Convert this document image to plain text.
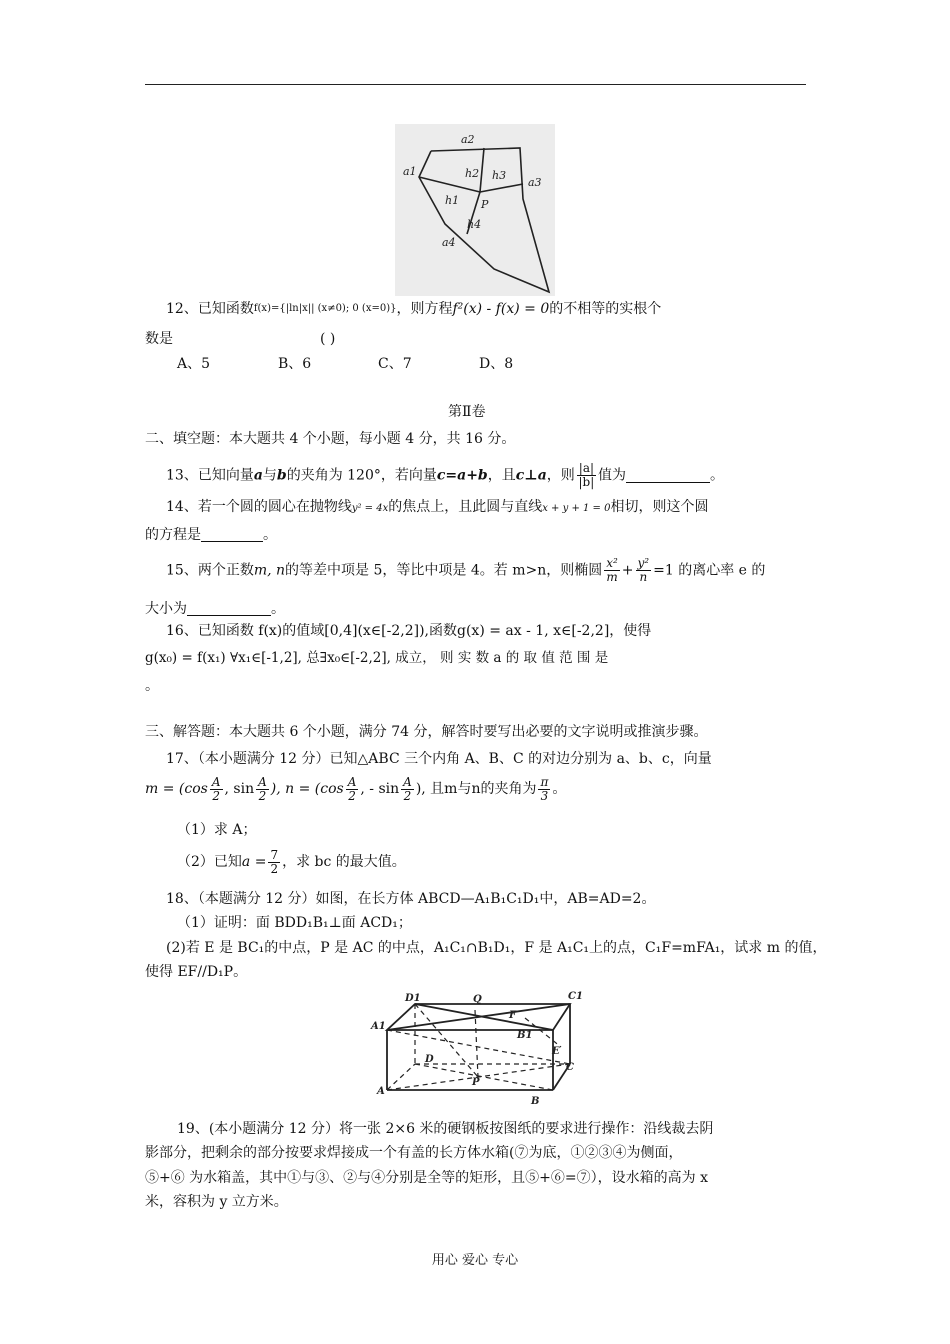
a2
a1	h2 h3
a3
h1 P
h4
a4
12、已知函数f(x)={|ln|x|| (x≠0); 0 (x=0)}，则方程f²(x) - f(x) = 0的不相等的实根个
数是	( )
A、5	B、6	C、7	D、8
第Ⅱ卷
二、填空题：本大题共 4 个小题，每小题 4 分，共 16 分。
13、已知向量a与b的夹角为 120°，若向量c=a+b，且c⊥a，则 $\frac{|a|}{|b|}$ 值为	。
14、若一个圆的圆心在抛物线y² = 4x的焦点上，且此圆与直线x + y + 1 = 0相切，则这个圆
的方程是	。
15、两个正数m, n的等差中项是 5，等比中项是 4。若 m>n，则椭圆 $\frac{\text{x²}}{m} + \frac{\text{y²}}{n} =1$ 的离心率 e 的
大小为	。
16、已知函数 f(x)的值域[0,4](x∈[-2,2]),函数g(x) = ax - 1, x∈[-2,2]，使得
g(x₀) = f(x₁) ∀x₁∈[-1,2], 总∃x₀∈[-2,2], 成立， 则 实 数 a 的 取 值 范 围 是
。
三、解答题：本大题共 6 个小题，满分 74 分，解答时要写出必要的文字说明或推演步骤。
17、（本小题满分 12 分）已知△ABC 三个内角 A、B、C 的对边分别为 a、b、c，向量
$m = (\cos \frac{A}{2}$ , $\sin \frac{A}{2}$ ), $n = (\cos \frac{A}{2}$ , - $\sin \frac{A}{2}$ ), 且m与n的夹角为 $\frac{\pi}{3}$ 。
（1）求 A；
（2）已知$a = \frac{7}{2}$ ，求 bc 的最大值。
18、（本题满分 12 分）如图，在长方体 ABCD—A₁B₁C₁D₁中，AB=AD=2。
（1）证明：面 BDD₁B₁⊥面 ACD₁；
(2)若 E 是 BC₁的中点，P 是 AC 的中点，A₁C₁∩B₁D₁，F 是 A₁C₁上的点，C₁F=mFA₁，试求 m 的值，
使得 EF//D₁P。
D1	Q	C1
A1
F
B1
D
E
C
P
A
B
19、(本小题满分 12 分）将一张 2×6 米的硬钢板按图纸的要求进行操作：沿线裁去阴
影部分，把剩余的部分按要求焊接成一个有盖的长方体水箱(⑦为底，①②③④为侧面，
⑤+⑥ 为水箱盖，其中①与③、②与④分别是全等的矩形，且⑤+⑥=⑦），设水箱的高为 x
米，容积为 y 立方米。
用心 爱心 专心
